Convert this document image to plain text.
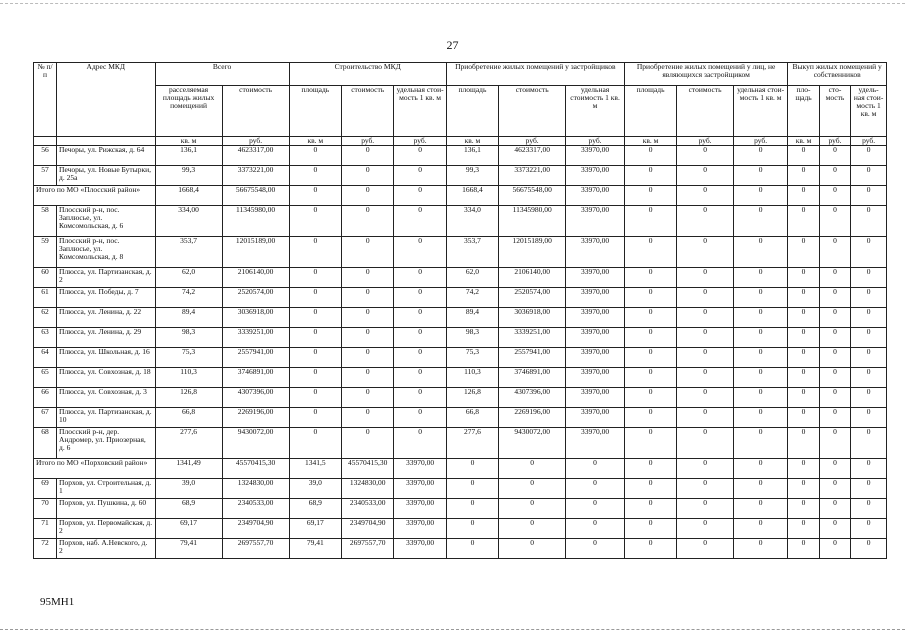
27
№ п/п	Адрес МКД	Всего		Строительство МКД			Приобретение жилых помещений у застройщиков			Приобретение жилых помещений у лиц, не являющихся застройщиком			Выкуп жилых помещений у собственников		
		расселяемая площадь жилых помещений	стоимость	площадь	стоимость	удельная стои-мость 1 кв. м	площадь	стоимость	удельная стоимость 1 кв. м	площадь	стоимость	удельная стои-мость 1 кв. м	пло-щадь	сто-мость	удель-ная стои-мость 1 кв. м
		кв. м	руб.	кв. м	руб.	руб.	кв. м	руб.	руб.	кв. м	руб.	руб.	кв. м	руб.	руб.
56	Печоры, ул. Рижская, д. 64	136,1	4623317,00	0	0	0	136,1	4623317,00	33970,00	0	0	0	0	0	0
57	Печоры, ул. Новые Бутырки, д. 25а	99,3	3373221,00	0	0	0	99,3	3373221,00	33970,00	0	0	0	0	0	0
Итого по МО «Плосский район»		1668,4	56675548,00	0	0	0	1668,4	56675548,00	33970,00	0	0	0	0	0	0
58	Плосский р-н, пос. Заплюсье, ул. Комсомольская, д. 6	334,00	11345980,00	0	0	0	334,0	11345980,00	33970,00	0	0	0	0	0	0
59	Плосский р-н, пос. Заплюсье, ул. Комсомольская, д. 8	353,7	12015189,00	0	0	0	353,7	12015189,00	33970,00	0	0	0	0	0	0
60	Плюсса, ул. Партизанская, д. 2	62,0	2106140,00	0	0	0	62,0	2106140,00	33970,00	0	0	0	0	0	0
61	Плюсса, ул. Победы, д. 7	74,2	2520574,00	0	0	0	74,2	2520574,00	33970,00	0	0	0	0	0	0
62	Плюсса, ул. Ленина, д. 22	89,4	3036918,00	0	0	0	89,4	3036918,00	33970,00	0	0	0	0	0	0
63	Плюсса, ул. Ленина, д. 29	98,3	3339251,00	0	0	0	98,3	3339251,00	33970,00	0	0	0	0	0	0
64	Плюсса, ул. Школьная, д. 16	75,3	2557941,00	0	0	0	75,3	2557941,00	33970,00	0	0	0	0	0	0
65	Плюсса, ул. Совхозная, д. 18	110,3	3746891,00	0	0	0	110,3	3746891,00	33970,00	0	0	0	0	0	0
66	Плюсса, ул. Совхозная, д. 3	126,8	4307396,00	0	0	0	126,8	4307396,00	33970,00	0	0	0	0	0	0
67	Плюсса, ул. Партизанская, д. 10	66,8	2269196,00	0	0	0	66,8	2269196,00	33970,00	0	0	0	0	0	0
68	Плосский р-н, дер. Андромер, ул. Приозерная, д. 6	277,6	9430072,00	0	0	0	277,6	9430072,00	33970,00	0	0	0	0	0	0
Итого по МО «Порховский район»		1341,49	45570415,30	1341,5	45570415,30	33970,00	0	0	0	0	0	0	0	0	0
69	Порхов, ул. Строительная, д. 1	39,0	1324830,00	39,0	1324830,00	33970,00	0	0	0	0	0	0	0	0	0
70	Порхов, ул. Пушкина, д. 60	68,9	2340533,00	68,9	2340533,00	33970,00	0	0	0	0	0	0	0	0	0
71	Порхов, ул. Первомайская, д. 2	69,17	2349704,90	69,17	2349704,90	33970,00	0	0	0	0	0	0	0	0	0
72	Порхов, наб. А.Невского, д. 2	79,41	2697557,70	79,41	2697557,70	33970,00	0	0	0	0	0	0	0	0	0
95МН1
